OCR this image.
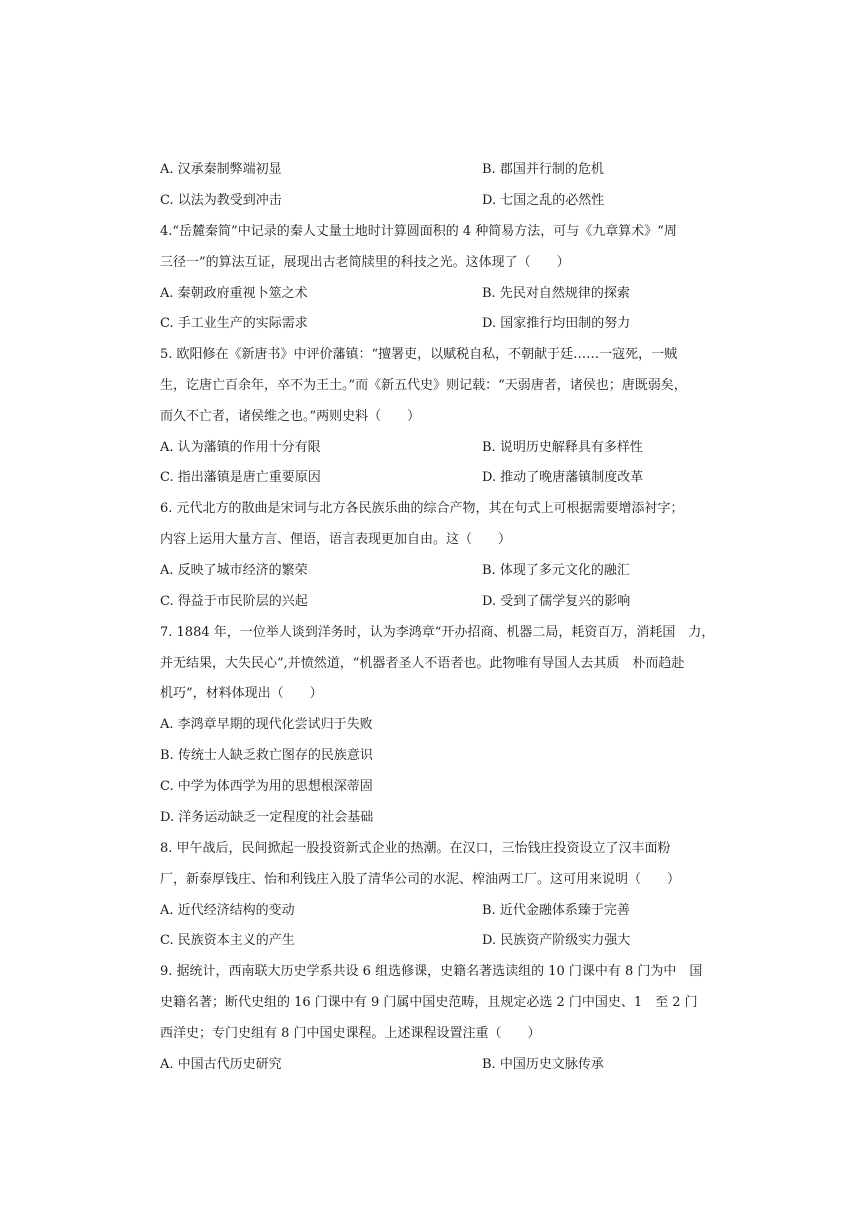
A. 汉承秦制弊端初显	B. 郡国并行制的危机
C. 以法为教受到冲击	D. 七国之乱的必然性
4.“岳麓秦简”中记录的秦人丈量土地时计算圆面积的 4 种简易方法，可与《九章算术》“周
三径一”的算法互证，展现出古老简牍里的科技之光。这体现了（　　）
A. 秦朝政府重视卜筮之术	B. 先民对自然规律的探索
C. 手工业生产的实际需求	D. 国家推行均田制的努力
5. 欧阳修在《新唐书》中评价藩镇：“擅署吏，以赋税自私，不朝献于廷……一寇死，一贼
生，讫唐亡百余年，卒不为王土。”而《新五代史》则记载：“天弱唐者，诸侯也；唐既弱矣，
而久不亡者，诸侯维之也。”两则史料（　　）
A. 认为藩镇的作用十分有限	B. 说明历史解释具有多样性
C. 指出藩镇是唐亡重要原因	D. 推动了晚唐藩镇制度改革
6. 元代北方的散曲是宋词与北方各民族乐曲的综合产物，其在句式上可根据需要增添衬字；
内容上运用大量方言、俚语，语言表现更加自由。这（　　）
A. 反映了城市经济的繁荣	B. 体现了多元文化的融汇
C. 得益于市民阶层的兴起	D. 受到了儒学复兴的影响
7. 1884 年，一位举人谈到洋务时，认为李鸿章“开办招商、机器二局，耗资百万，消耗国　力，
并无结果，大失民心”,并愤然道，“机器者圣人不语者也。此物唯有导国人去其质　朴而趋赴
机巧”，材料体现出（　　）
A. 李鸿章早期的现代化尝试归于失败
B. 传统士人缺乏救亡图存的民族意识
C. 中学为体西学为用的思想根深蒂固
D. 洋务运动缺乏一定程度的社会基础
8. 甲午战后，民间掀起一股投资新式企业的热潮。在汉口，三怡钱庄投资设立了汉丰面粉
厂，新泰厚钱庄、怡和利钱庄入股了清华公司的水泥、榨油两工厂。这可用来说明（　　）
A. 近代经济结构的变动	B. 近代金融体系臻于完善
C. 民族资本主义的产生	D. 民族资产阶级实力强大
9. 据统计，西南联大历史学系共设 6 组选修课，史籍名著选读组的 10 门课中有 8 门为中　国
史籍名著；断代史组的 16 门课中有 9 门属中国史范畴，且规定必选 2 门中国史、1　至 2 门
西洋史；专门史组有 8 门中国史课程。上述课程设置注重（　　）
A. 中国古代历史研究	B. 中国历史文脉传承
